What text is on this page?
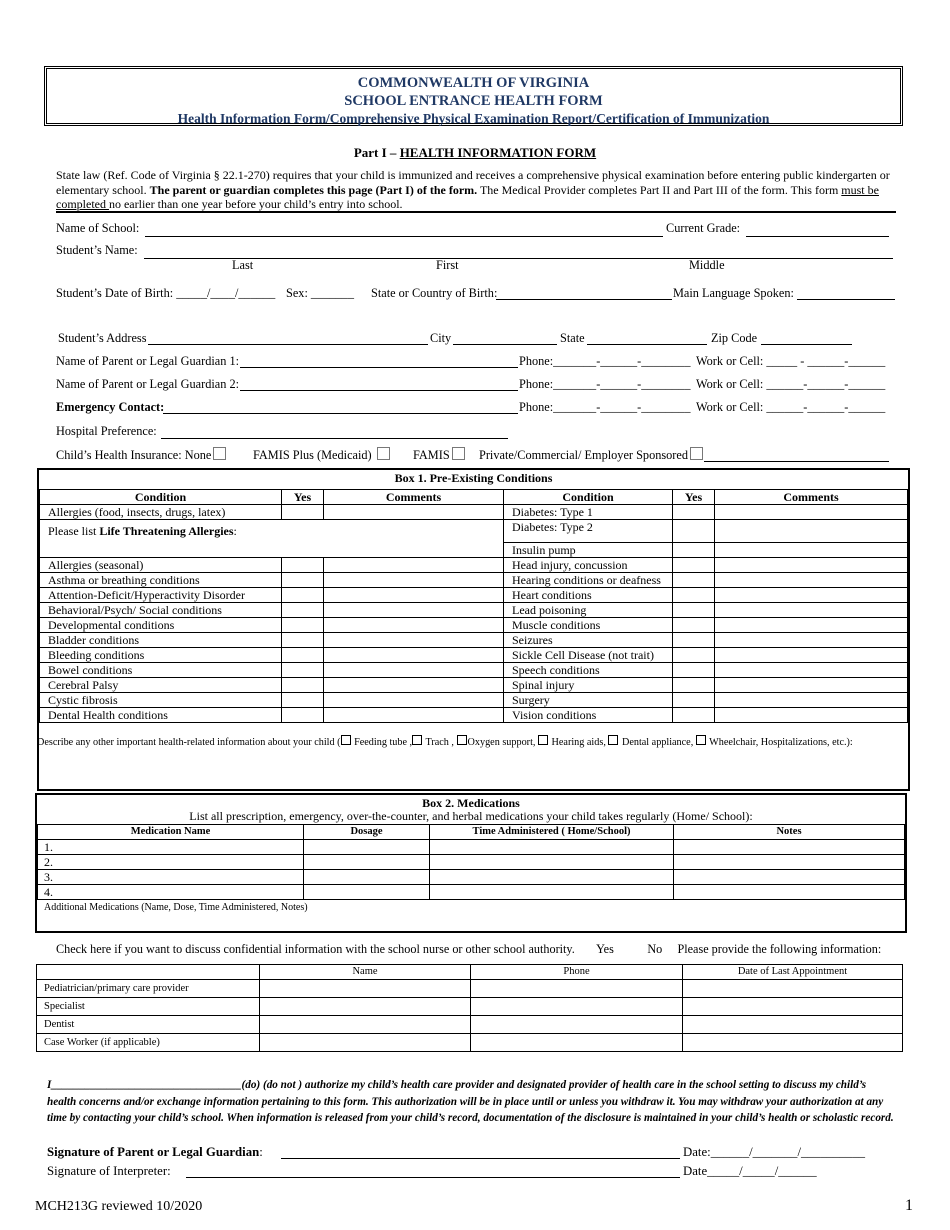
COMMONWEALTH OF VIRGINIA
SCHOOL ENTRANCE HEALTH FORM
Health Information Form/Comprehensive Physical Examination Report/Certification of Immunization
Part I – HEALTH INFORMATION FORM
State law (Ref. Code of Virginia § 22.1-270) requires that your child is immunized and receives a comprehensive physical examination before entering public kindergarten or elementary school. The parent or guardian completes this page (Part I) of the form. The Medical Provider completes Part II and Part III of the form. This form must be completed no earlier than one year before your child’s entry into school.
Name of School:	Current Grade:
Student’s Name:
Last	First	Middle
Student’s Date of Birth: _____/____/______ Sex: _______ State or Country of Birth:	Main Language Spoken:
Student’s Address	City	State	Zip Code
Name of Parent or Legal Guardian 1:	Phone:_______-______-________ Work or Cell: _____ - ______-______
Name of Parent or Legal Guardian 2:	Phone:_______-______-________ Work or Cell: ______-______-______
Emergency Contact:	Phone:_______-______-________ Work or Cell: ______-______-______
Hospital Preference:
Child’s Health Insurance: None	FAMIS Plus (Medicaid)	FAMIS	Private/Commercial/ Employer Sponsored
Box 1. Pre-Existing Conditions
Condition	Yes	Comments	Condition	Yes	Comments
Allergies (food, insects, drugs, latex)			Diabetes: Type 1		
Please list Life Threatening Allergies:			Diabetes: Type 2		
			Insulin pump		
Allergies (seasonal)			Head injury, concussion		
Asthma or breathing conditions			Hearing conditions or deafness		
Attention-Deficit/Hyperactivity Disorder			Heart conditions		
Behavioral/Psych/ Social conditions			Lead poisoning		
Developmental conditions			Muscle conditions		
Bladder conditions			Seizures		
Bleeding conditions			Sickle Cell Disease (not trait)		
Bowel conditions			Speech conditions		
Cerebral Palsy			Spinal injury		
Cystic fibrosis			Surgery		
Dental Health conditions			Vision conditions		
Describe any other important health-related information about your child ( Feeding tube , Trach , Oxygen support, Hearing aids, Dental appliance, Wheelchair, Hospitalizations, etc.):
Box 2. Medications
List all prescription, emergency, over-the-counter, and herbal medications your child takes regularly (Home/ School):
Medication Name	Dosage	Time Administered ( Home/School)	Notes
1.			
2.			
3.			
4.			
Additional Medications (Name, Dose, Time Administered, Notes)
Check here if you want to discuss confidential information with the school nurse or other school authority. Yes	No Please provide the following information:
	Name	Phone	Date of Last Appointment
Pediatrician/primary care provider			
Specialist			
Dentist			
Case Worker (if applicable)			
I__________________________________(do) (do not ) authorize my child’s health care provider and designated provider of health care in the school setting to discuss my child’s health concerns and/or exchange information pertaining to this form. This authorization will be in place until or unless you withdraw it. You may withdraw your authorization at any time by contacting your child’s school. When information is released from your child’s record, documentation of the disclosure is maintained in your child’s health or scholastic record.
Signature of Parent or Legal Guardian:	Date:______/_______/__________
Signature of Interpreter:	Date_____/_____/______
MCH213G reviewed 10/2020	1
